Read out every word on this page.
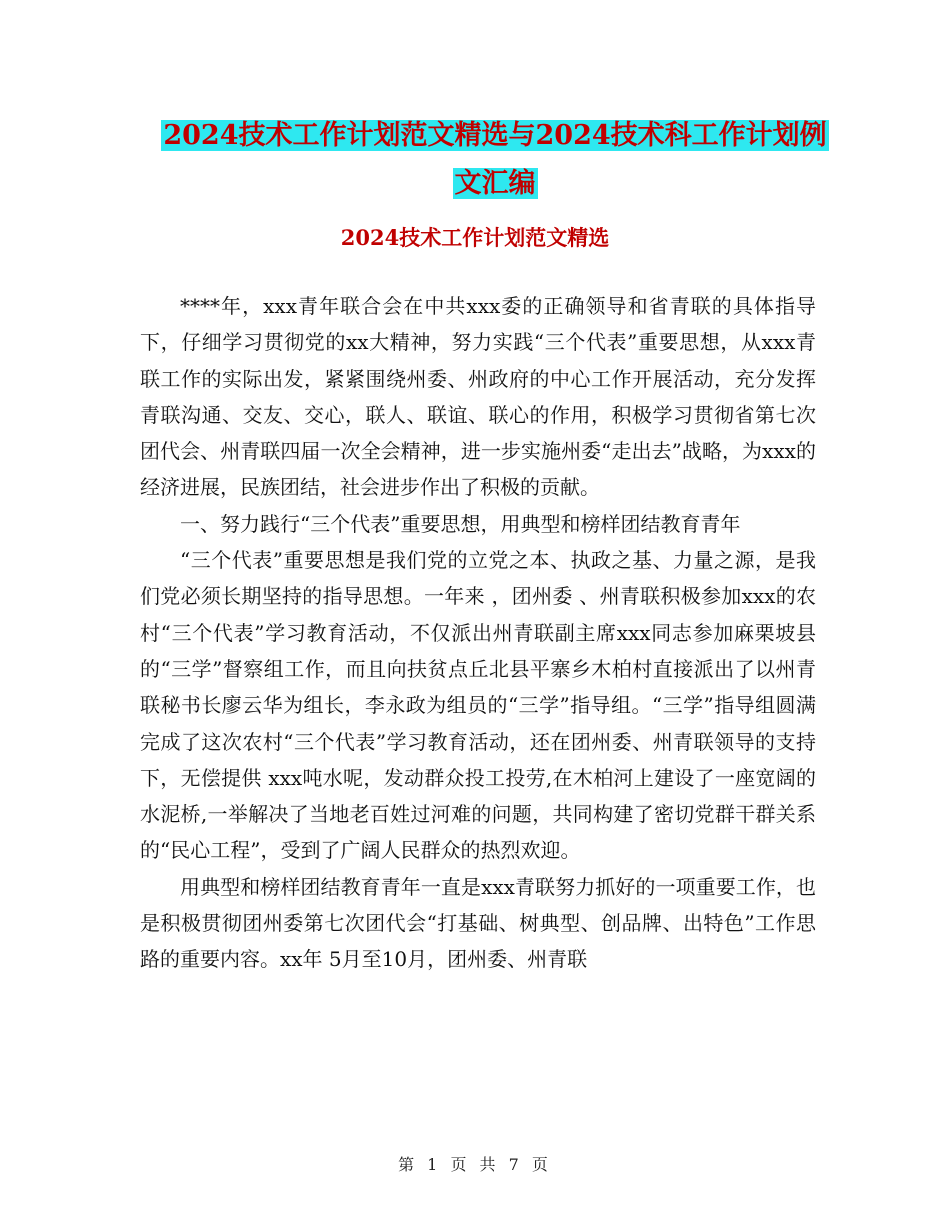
2024技术工作计划范文精选与2024技术科工作计划例
文汇编
2024技术工作计划范文精选

****年，xxx青年联合会在中共xxx委的正确领导和省青联的具体指导下，仔细学习贯彻党的xx大精神，努力实践“三个代表”重要思想，从xxx青联工作的实际出发，紧紧围绕州委、州政府的中心工作开展活动，充分发挥青联沟通、交友、交心，联人、联谊、联心的作用，积极学习贯彻省第七次团代会、州青联四届一次全会精神，进一步实施州委“走出去”战略，为xxx的经济进展，民族团结，社会进步作出了积极的贡献。

一、努力践行“三个代表”重要思想，用典型和榜样团结教育青年

“三个代表”重要思想是我们党的立党之本、执政之基、力量之源，是我们党必须长期坚持的指导思想。一年来 ，团州委 、州青联积极参加xxx的农村“三个代表”学习教育活动，不仅派出州青联副主席xxx同志参加麻栗坡县的“三学”督察组工作，而且向扶贫点丘北县平寨乡木柏村直接派出了以州青联秘书长廖云华为组长，李永政为组员的“三学”指导组。“三学”指导组圆满完成了这次农村“三个代表”学习教育活动，还在团州委、州青联领导的支持下，无偿提供 xxx吨水呢，发动群众投工投劳,在木柏河上建设了一座宽阔的水泥桥,一举解决了当地老百姓过河难的问题，共同构建了密切党群干群关系的“民心工程”，受到了广阔人民群众的热烈欢迎。

用典型和榜样团结教育青年一直是xxx青联努力抓好的一项重要工作，也是积极贯彻团州委第七次团代会“打基础、树典型、创品牌、出特色”工作思路的重要内容。xx年 5月至10月，团州委、州青联

第 1 页 共 7 页
